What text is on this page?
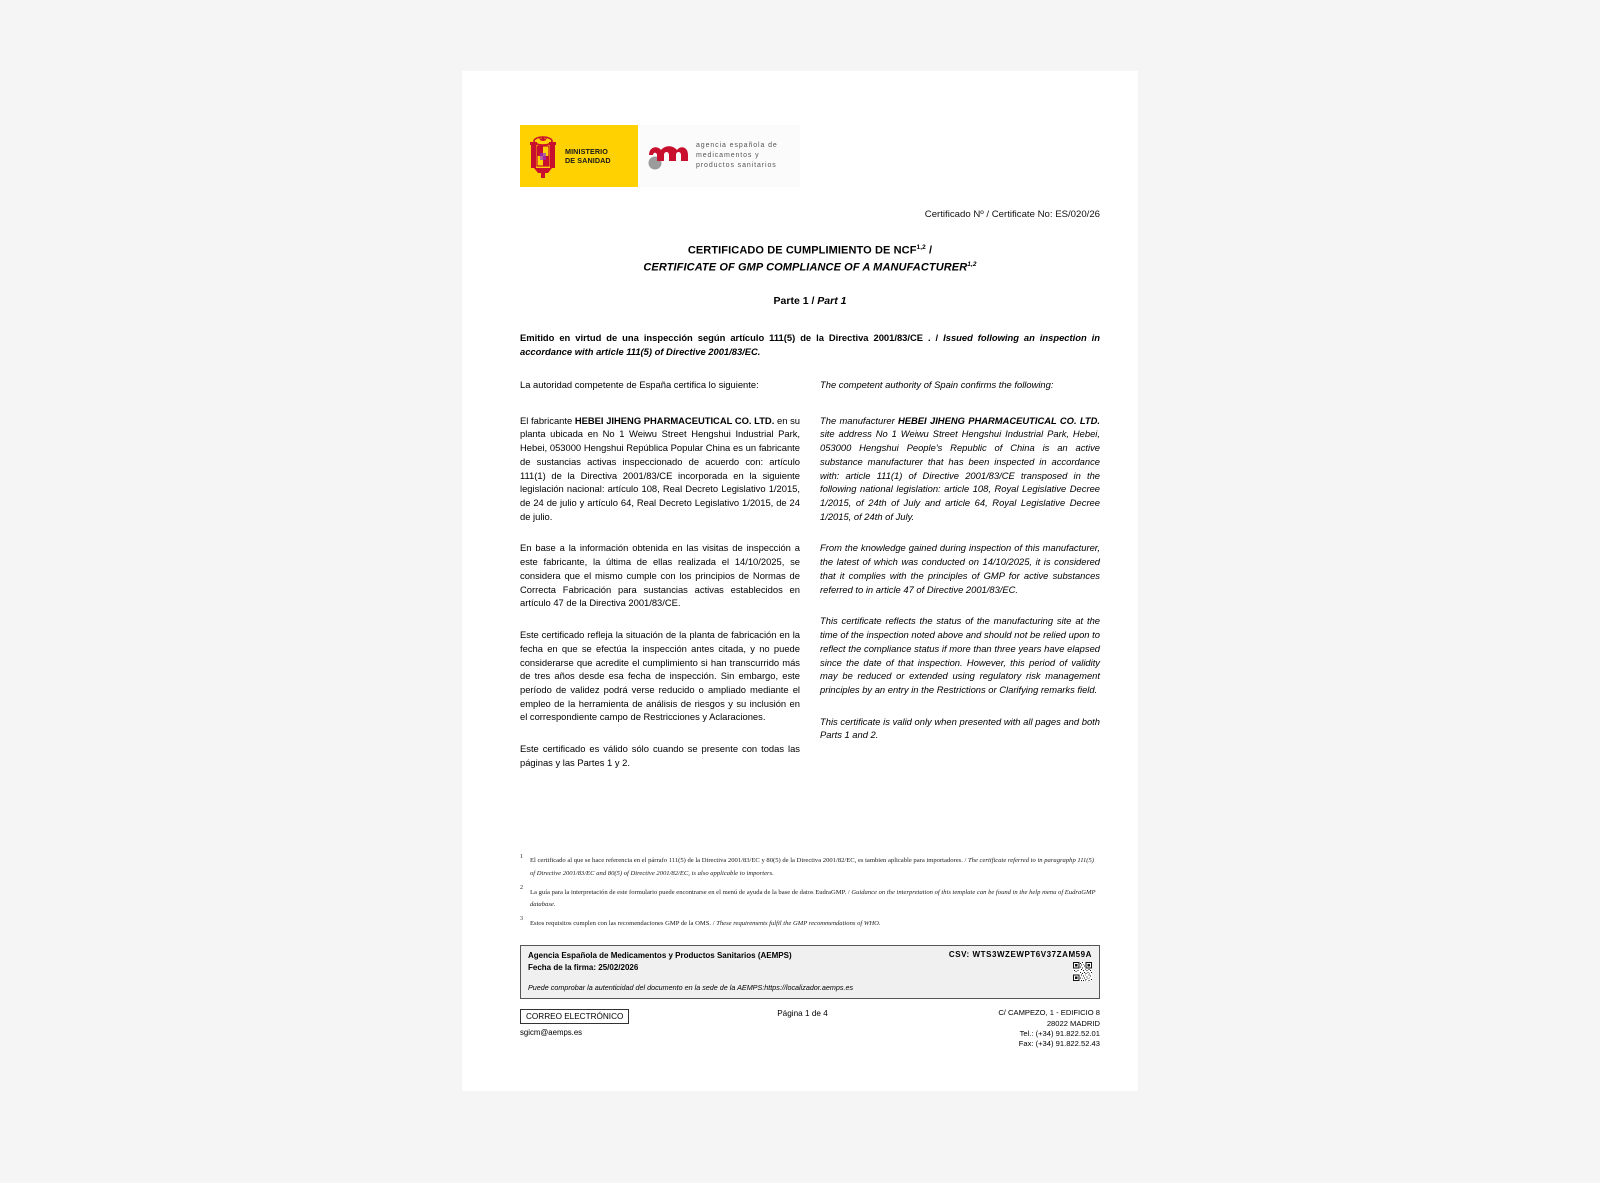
MINISTERIO
DE SANIDAD
agencia española de
medicamentos y
productos sanitarios
Certificado Nº / Certificate No: ES/020/26
CERTIFICADO DE CUMPLIMIENTO DE NCF$^{1,2}$ /
CERTIFICATE OF GMP COMPLIANCE OF A MANUFACTURER$^{1,2}$
Parte 1 / Part 1
Emitido en virtud de una inspección según artículo 111(5) de la Directiva 2001/83/CE . / Issued following an inspection in accordance with article 111(5) of Directive 2001/83/EC.

La autoridad competente de España certifica lo siguiente:	The competent authority of Spain confirms the following:

El fabricante HEBEI JIHENG PHARMACEUTICAL CO. LTD. en su planta ubicada en No 1 Weiwu Street Hengshui Industrial Park, Hebei, 053000 Hengshui República Popular China es un fabricante de sustancias activas inspeccionado de acuerdo con: artículo 111(1) de la Directiva 2001/83/CE incorporada en la siguiente legislación nacional: artículo 108, Real Decreto Legislativo 1/2015, de 24 de julio y artículo 64, Real Decreto Legislativo 1/2015, de 24 de julio.

En base a la información obtenida en las visitas de inspección a este fabricante, la última de ellas realizada el 14/10/2025, se considera que el mismo cumple con los principios de Normas de Correcta Fabricación para sustancias activas establecidos en artículo 47 de la Directiva 2001/83/CE.

Este certificado refleja la situación de la planta de fabricación en la fecha en que se efectúa la inspección antes citada, y no puede considerarse que acredite el cumplimiento si han transcurrido más de tres años desde esa fecha de inspección. Sin embargo, este período de validez podrá verse reducido o ampliado mediante el empleo de la herramienta de análisis de riesgos y su inclusión en el correspondiente campo de Restricciones y Aclaraciones.

Este certificado es válido sólo cuando se presente con todas las páginas y las Partes 1 y 2.

The manufacturer HEBEI JIHENG PHARMACEUTICAL CO. LTD. site address No 1 Weiwu Street Hengshui Industrial Park, Hebei, 053000 Hengshui People's Republic of China is an active substance manufacturer that has been inspected in accordance with: article 111(1) of Directive 2001/83/CE transposed in the following national legislation: article 108, Royal Legislative Decree 1/2015, of 24th of July and article 64, Royal Legislative Decree 1/2015, of 24th of July.

From the knowledge gained during inspection of this manufacturer, the latest of which was conducted on 14/10/2025, it is considered that it complies with the principles of GMP for active substances referred to in article 47 of Directive 2001/83/EC.

This certificate reflects the status of the manufacturing site at the time of the inspection noted above and should not be relied upon to reflect the compliance status if more than three years have elapsed since the date of that inspection. However, this period of validity may be reduced or extended using regulatory risk management principles by an entry in the Restrictions or Clarifying remarks field.

This certificate is valid only when presented with all pages and both Parts 1 and 2.

1
El certificado al que se hace referencia en el párrafo 111(5) de la Directiva 2001/83/EC y 80(5) de la Directiva 2001/82/EC, es tambien aplicable para importadores. / The certificate referred to in paragraphp 111(5) of Directive 2001/83/EC and 80(5) of Directive 2001/82/EC, is also applicable to importers.
2
La guía para la interpretación de este formulario puede encontrarse en el menú de ayuda de la base de datos EudraGMP. / Guidance on the interpretation of this template can be found in the help menu of EudraGMP database.
3
Estos requisitos cumplen con las recomendaciones GMP de la OMS. / These requirements fulfil the GMP recommendations of WHO.
Agencia Española de Medicamentos y Productos Sanitarios (AEMPS)
Fecha de la firma: 25/02/2026
CSV: WTS3WZEWPT6V37ZAM59A
Puede comprobar la autenticidad del documento en la sede de la AEMPS:https://localizador.aemps.es
CORREO ELECTRÓNICO
sgicm@aemps.es
Página 1 de 4	C/ CAMPEZO, 1 - EDIFICIO 8
28022 MADRID
Tel.: (+34) 91.822.52.01
Fax: (+34) 91.822.52.43
